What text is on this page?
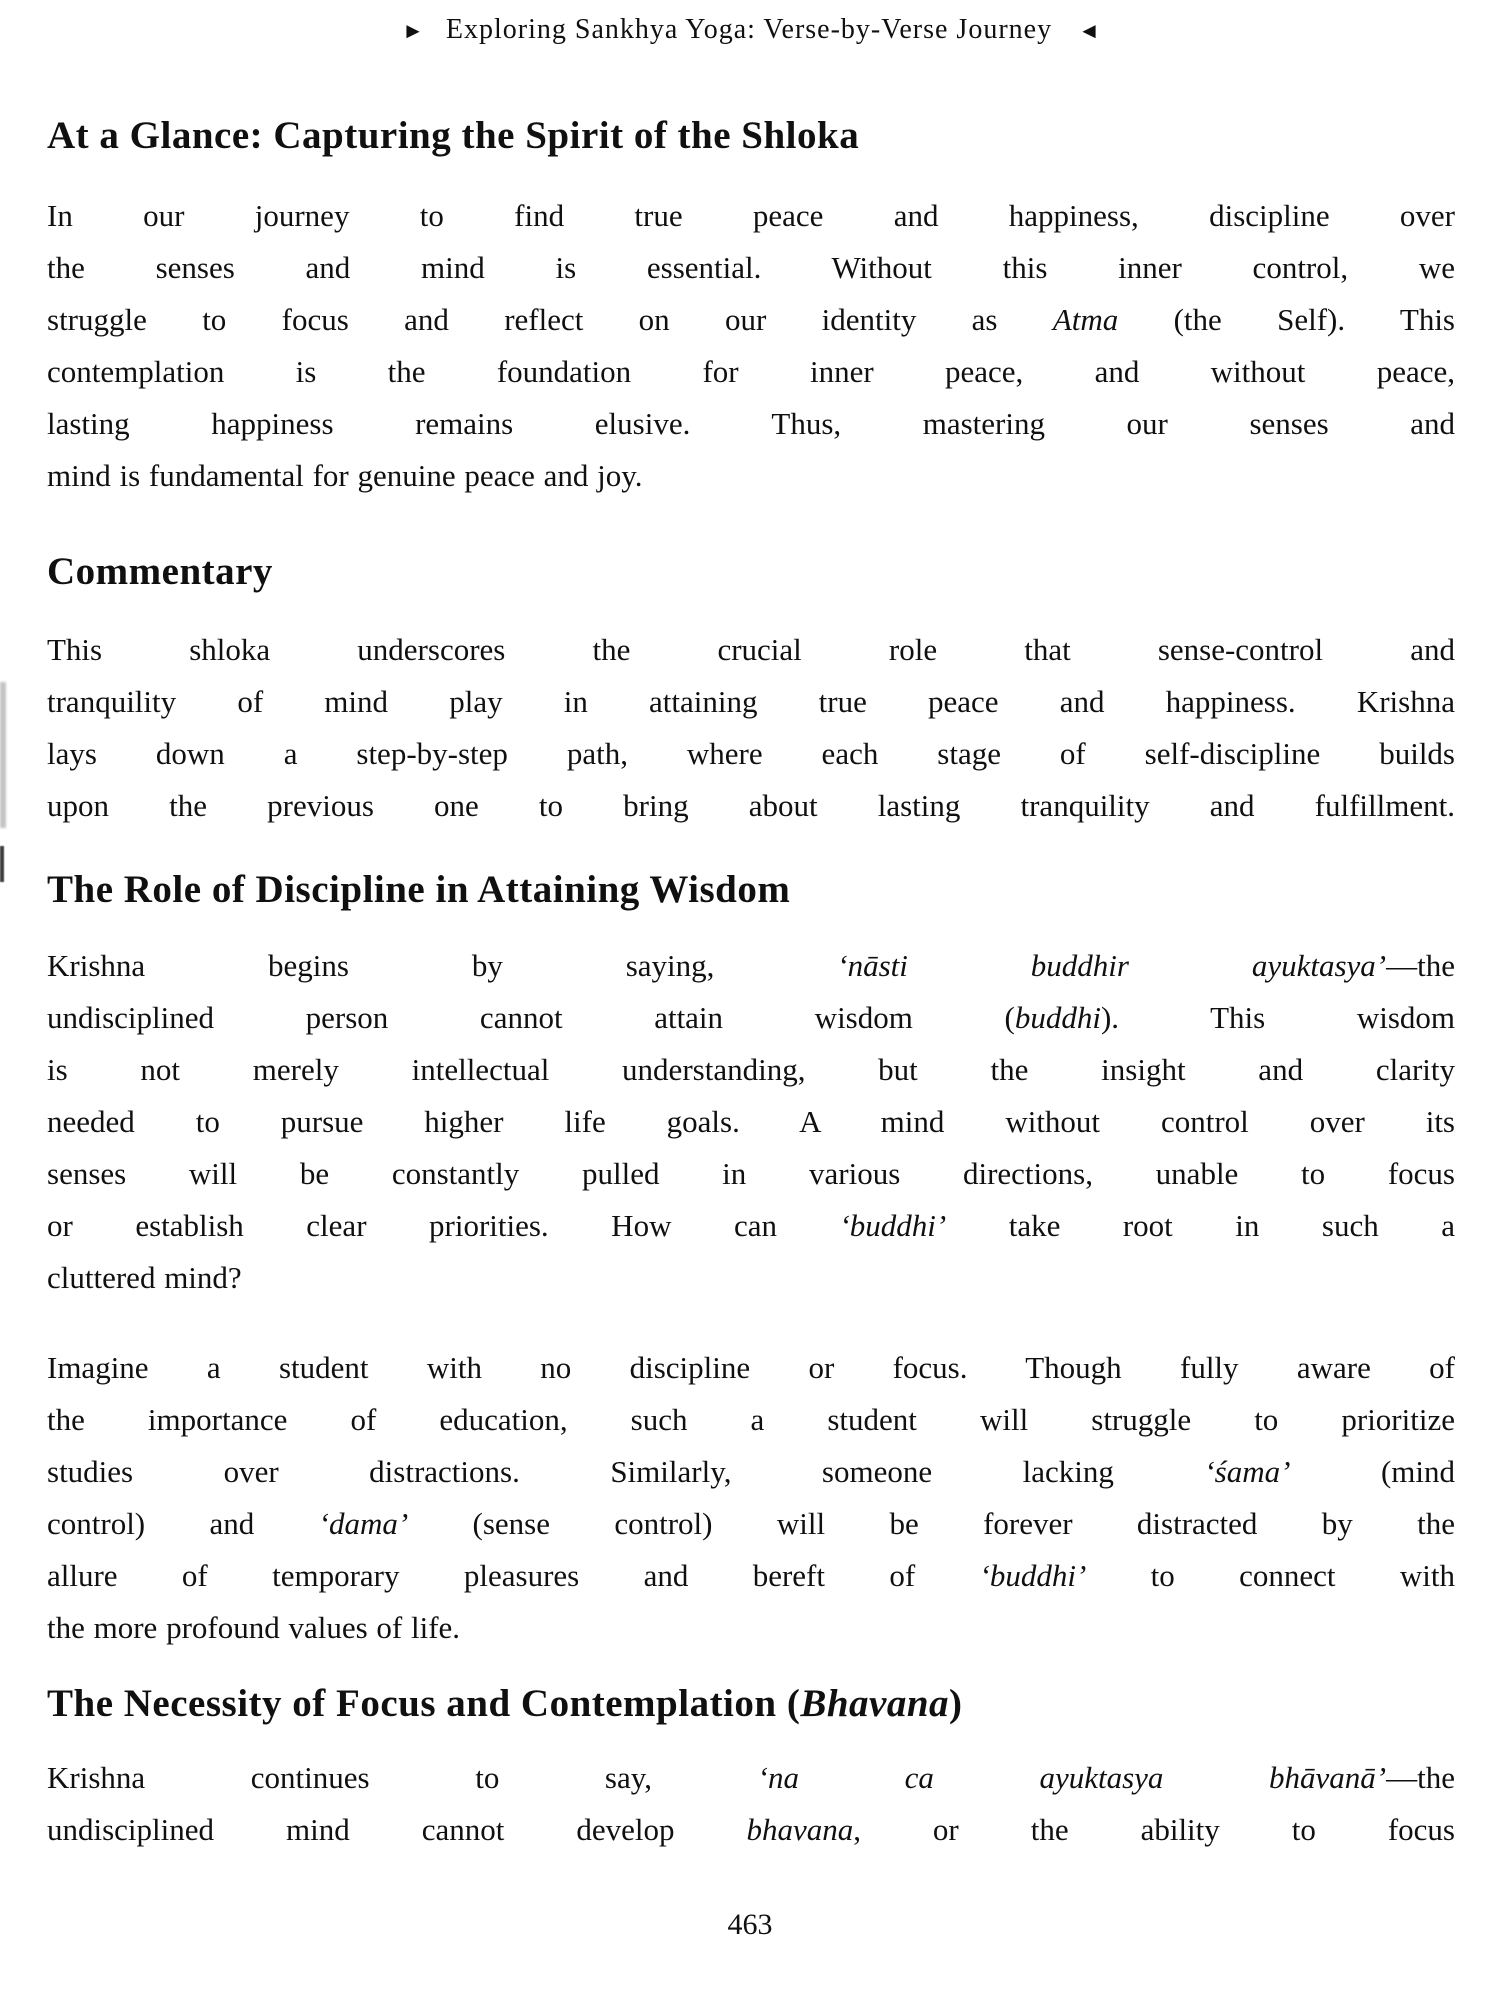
► Exploring Sankhya Yoga: Verse-by-Verse Journey ◄
At a Glance: Capturing the Spirit of the Shloka
In our journey to find true peace and happiness, discipline over
the senses and mind is essential. Without this inner control, we
struggle to focus and reflect on our identity as Atma (the Self). This
contemplation is the foundation for inner peace, and without peace,
lasting happiness remains elusive. Thus, mastering our senses and
mind is fundamental for genuine peace and joy.
Commentary
This shloka underscores the crucial role that sense-control and
tranquility of mind play in attaining true peace and happiness. Krishna
lays down a step-by-step path, where each stage of self-discipline builds
upon the previous one to bring about lasting tranquility and fulfillment.
The Role of Discipline in Attaining Wisdom
Krishna begins by saying, ‘nāsti buddhir ayuktasya’—the
undisciplined person cannot attain wisdom (buddhi). This wisdom
is not merely intellectual understanding, but the insight and clarity
needed to pursue higher life goals. A mind without control over its
senses will be constantly pulled in various directions, unable to focus
or establish clear priorities. How can ‘buddhi’ take root in such a
cluttered mind?
Imagine a student with no discipline or focus. Though fully aware of
the importance of education, such a student will struggle to prioritize
studies over distractions. Similarly, someone lacking ‘śama’ (mind
control) and ‘dama’ (sense control) will be forever distracted by the
allure of temporary pleasures and bereft of ‘buddhi’ to connect with
the more profound values of life.
The Necessity of Focus and Contemplation (Bhavana)
Krishna continues to say, ‘na ca ayuktasya bhāvanā’—the
undisciplined mind cannot develop bhavana, or the ability to focus
463
